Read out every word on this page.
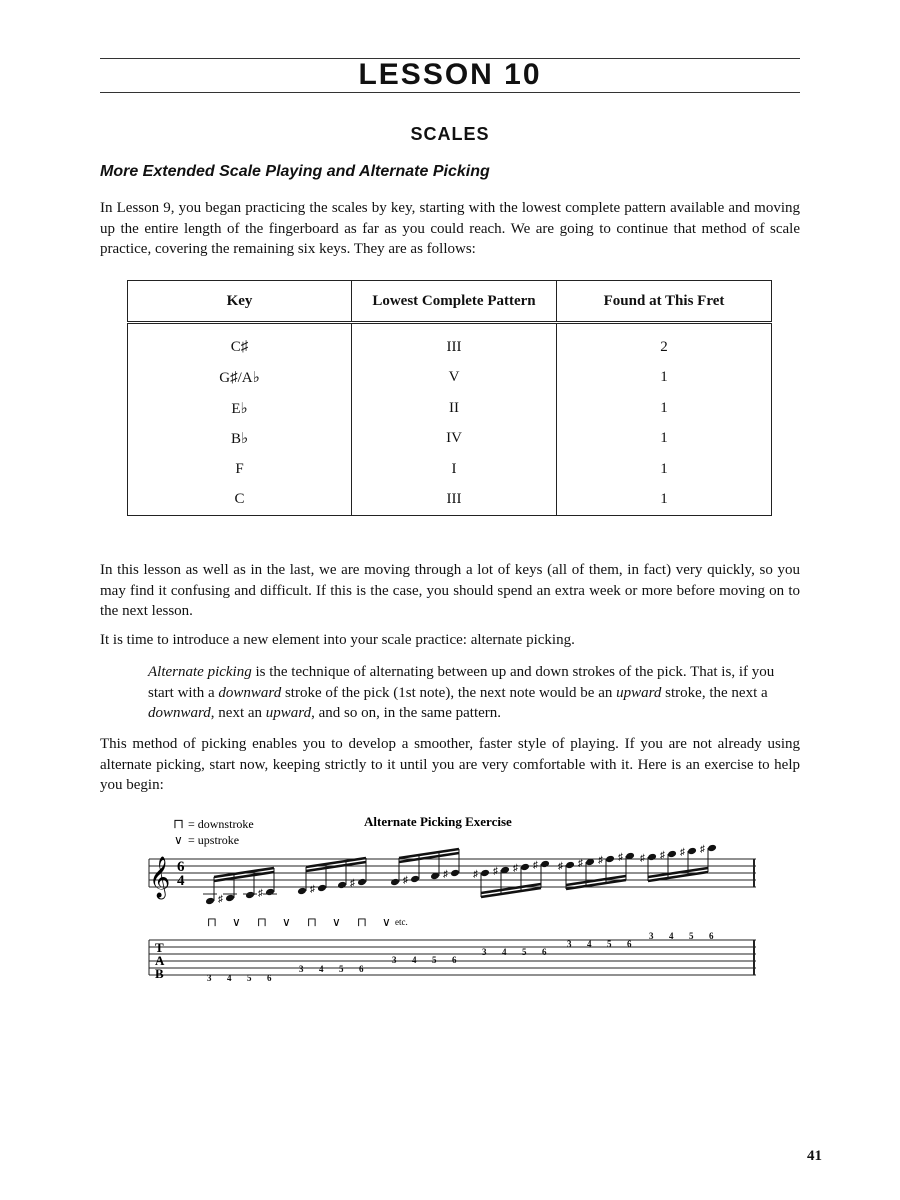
LESSON 10
SCALES
More Extended Scale Playing and Alternate Picking

In Lesson 9, you began practicing the scales by key, starting with the lowest complete pattern available and moving up the entire length of the fingerboard as far as you could reach. We are going to continue that method of scale practice, covering the remaining six keys. They are as follows:

Key	Lowest Complete Pattern	Found at This Fret
C♯	III	2
G♯/A♭	V	1
E♭	II	1
B♭	IV	1
F	I	1
C	III	1

In this lesson as well as in the last, we are moving through a lot of keys (all of them, in fact) very quickly, so you may find it confusing and difficult. If this is the case, you should spend an extra week or more before moving on to the next lesson.

It is time to introduce a new element into your scale practice: alternate picking.

Alternate picking is the technique of alternating between up and down strokes of the pick. That is, if you start with a downward stroke of the pick (1st note), the next note would be an upward stroke, the next a downward, next an upward, and so on, in the same pattern.

This method of picking enables you to develop a smoother, faster style of playing. If you are not already using alternate picking, start now, keeping strictly to it until you are very comfortable with it. Here is an exercise to help you begin:

⊓ = downstroke
∨ = upstroke
Alternate Picking Exercise
𝄞 6
4
♯
♯	♯
♯	♯
♯	♯ ♯ ♯ ♯ ♯ ♯ ♯ ♯ ♯ ♯ ♯ ♯
⊓ ∨ ⊓ ∨ ⊓ ∨ ⊓ ∨ etc.
T
A
B	3 4 5 6
3 4 5 6
3 4 5 6
3 4 5 6
3 4 5 6
3 4 5 6
41
